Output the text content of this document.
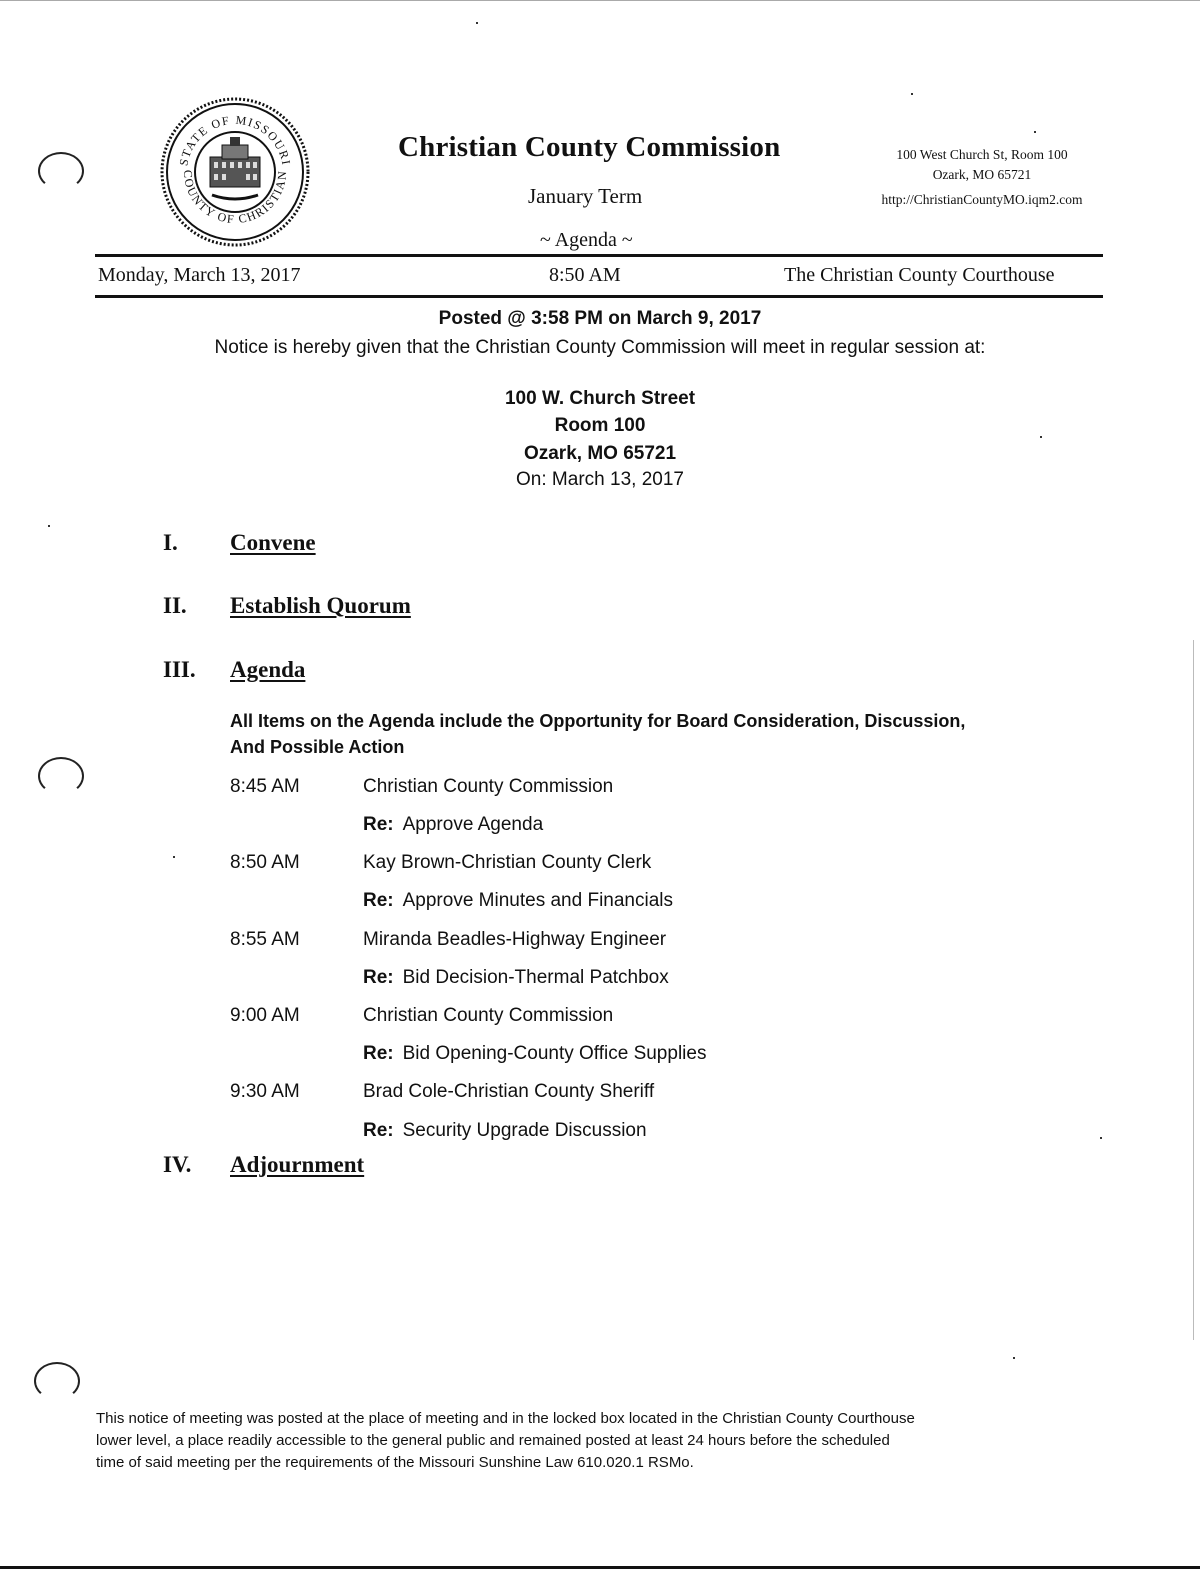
STATE OF MISSOURI
COUNTY OF CHRISTIAN
Christian County Commission
January Term
~ Agenda ~
100 West Church St, Room 100
Ozark, MO 65721
http://ChristianCountyMO.iqm2.com
Monday, March 13, 2017	8:50 AM	The Christian County Courthouse
Posted @ 3:58 PM on March 9, 2017
Notice is hereby given that the Christian County Commission will meet in regular session at:
100 W. Church Street
Room 100
Ozark, MO 65721
On: March 13, 2017
I. Convene
II. Establish Quorum
III. Agenda
All Items on the Agenda include the Opportunity for Board Consideration, Discussion,
And Possible Action
8:45 AM	Christian County Commission
Re: Approve Agenda
8:50 AM	Kay Brown-Christian County Clerk
Re: Approve Minutes and Financials
8:55 AM	Miranda Beadles-Highway Engineer
Re: Bid Decision-Thermal Patchbox
9:00 AM	Christian County Commission
Re: Bid Opening-County Office Supplies
9:30 AM	Brad Cole-Christian County Sheriff
Re: Security Upgrade Discussion
IV. Adjournment
This notice of meeting was posted at the place of meeting and in the locked box located in the Christian County Courthouse
lower level, a place readily accessible to the general public and remained posted at least 24 hours before the scheduled
time of said meeting per the requirements of the Missouri Sunshine Law 610.020.1 RSMo.
